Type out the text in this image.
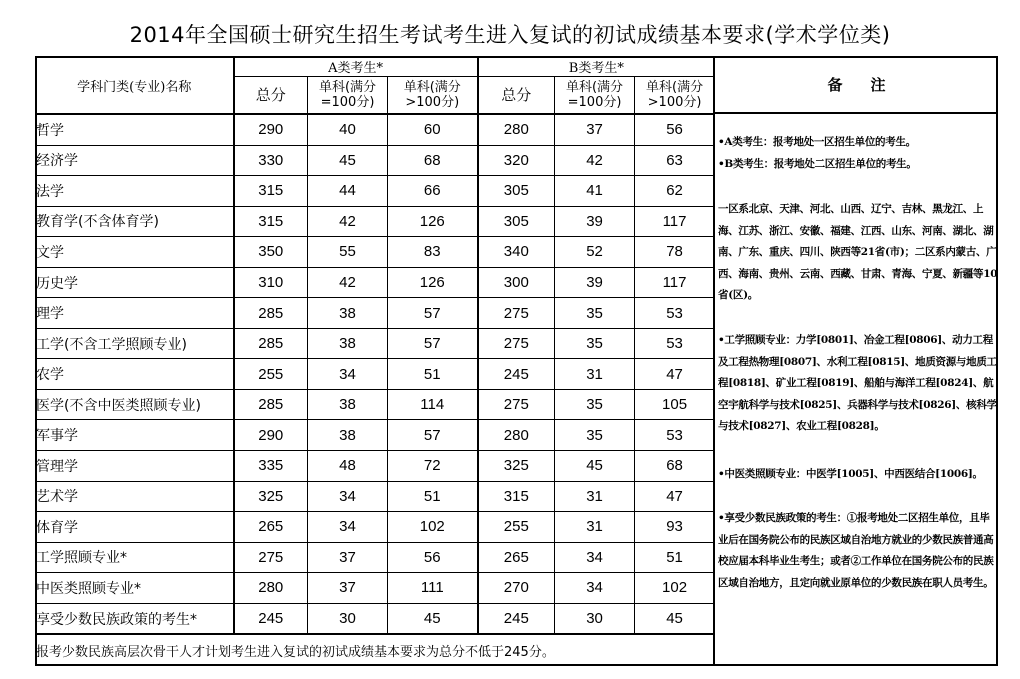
2014年全国硕士研究生招生考试考生进入复试的初试成绩基本要求(学术学位类)
学科门类(专业)名称	A类考生*			B类考生*		
	总分	单科(满分=100分)	单科(满分>100分)	总分	单科(满分=100分)	单科(满分>100分)
哲学	290	40	60	280	37	56
经济学	330	45	68	320	42	63
法学	315	44	66	305	41	62
教育学(不含体育学)	315	42	126	305	39	117
文学	350	55	83	340	52	78
历史学	310	42	126	300	39	117
理学	285	38	57	275	35	53
工学(不含工学照顾专业)	285	38	57	275	35	53
农学	255	34	51	245	31	47
医学(不含中医类照顾专业)	285	38	114	275	35	105
军事学	290	38	57	280	35	53
管理学	335	48	72	325	45	68
艺术学	325	34	51	315	31	47
体育学	265	34	102	255	31	93
工学照顾专业*	275	37	56	265	34	51
中医类照顾专业*	280	37	111	270	34	102
享受少数民族政策的考生*	245	30	45	245	30	45
报考少数民族高层次骨干人才计划考生进入复试的初试成绩基本要求为总分不低于245分。						
备注
•A类考生：报考地处一区招生单位的考生。
•B类考生：报考地处二区招生单位的考生。
一区系北京、天津、河北、山西、辽宁、吉林、黑龙江、上海、江苏、浙江、安徽、福建、江西、山东、河南、湖北、湖南、广东、重庆、四川、陕西等21省(市)；二区系内蒙古、广西、海南、贵州、云南、西藏、甘肃、青海、宁夏、新疆等10省(区)。
•工学照顾专业：力学[0801]、冶金工程[0806]、动力工程及工程热物理[0807]、水利工程[0815]、地质资源与地质工程[0818]、矿业工程[0819]、船舶与海洋工程[0824]、航空宇航科学与技术[0825]、兵器科学与技术[0826]、核科学与技术[0827]、农业工程[0828]。
•中医类照顾专业：中医学[1005]、中西医结合[1006]。
•享受少数民族政策的考生：①报考地处二区招生单位，且毕业后在国务院公布的民族区域自治地方就业的少数民族普通高校应届本科毕业生考生；或者②工作单位在国务院公布的民族区域自治地方，且定向就业原单位的少数民族在职人员考生。
